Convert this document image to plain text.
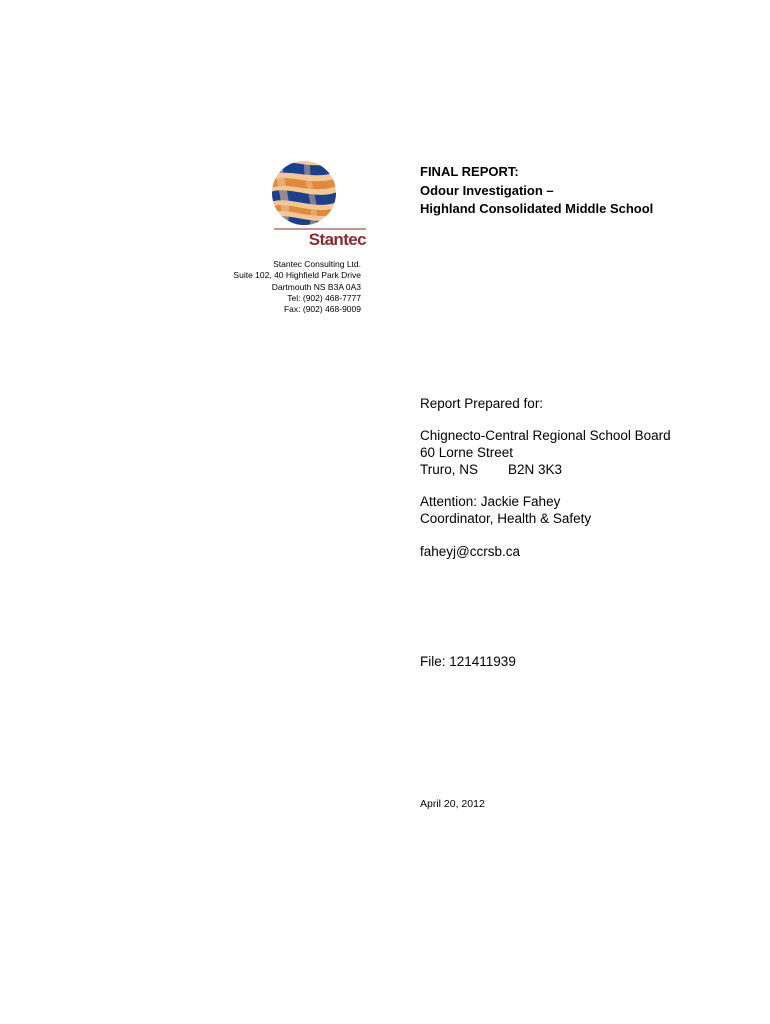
Stantec
Stantec Consulting Ltd.
Suite 102, 40 Highfield Park Drive
Dartmouth NS B3A 0A3
Tel: (902) 468-7777
Fax: (902) 468-9009
FINAL REPORT:
Odour Investigation –
Highland Consolidated Middle School
Report Prepared for:
Chignecto-Central Regional School Board
60 Lorne Street
Truro, NS B2N 3K3
Attention: Jackie Fahey
Coordinator, Health & Safety
faheyj@ccrsb.ca
File: 121411939
April 20, 2012
